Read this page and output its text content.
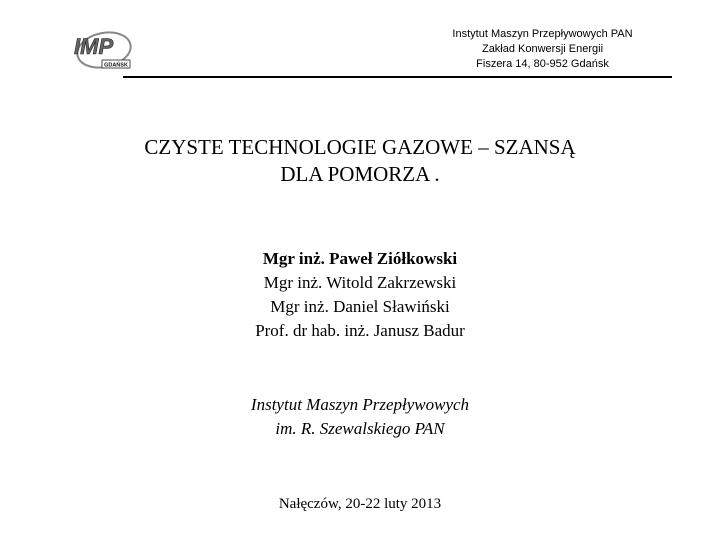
IMP
GDAŃSK
Instytut Maszyn Przepływowych PAN
Zakład Konwersji Energii
Fiszera 14, 80-952 Gdańsk
CZYSTE TECHNOLOGIE GAZOWE – SZANSĄ
DLA POMORZA .
Mgr inż. Paweł Ziółkowski
Mgr inż. Witold Zakrzewski
Mgr inż. Daniel Sławiński
Prof. dr hab. inż. Janusz Badur
Instytut Maszyn Przepływowych
im. R. Szewalskiego PAN
Nałęczów, 20-22 luty 2013
